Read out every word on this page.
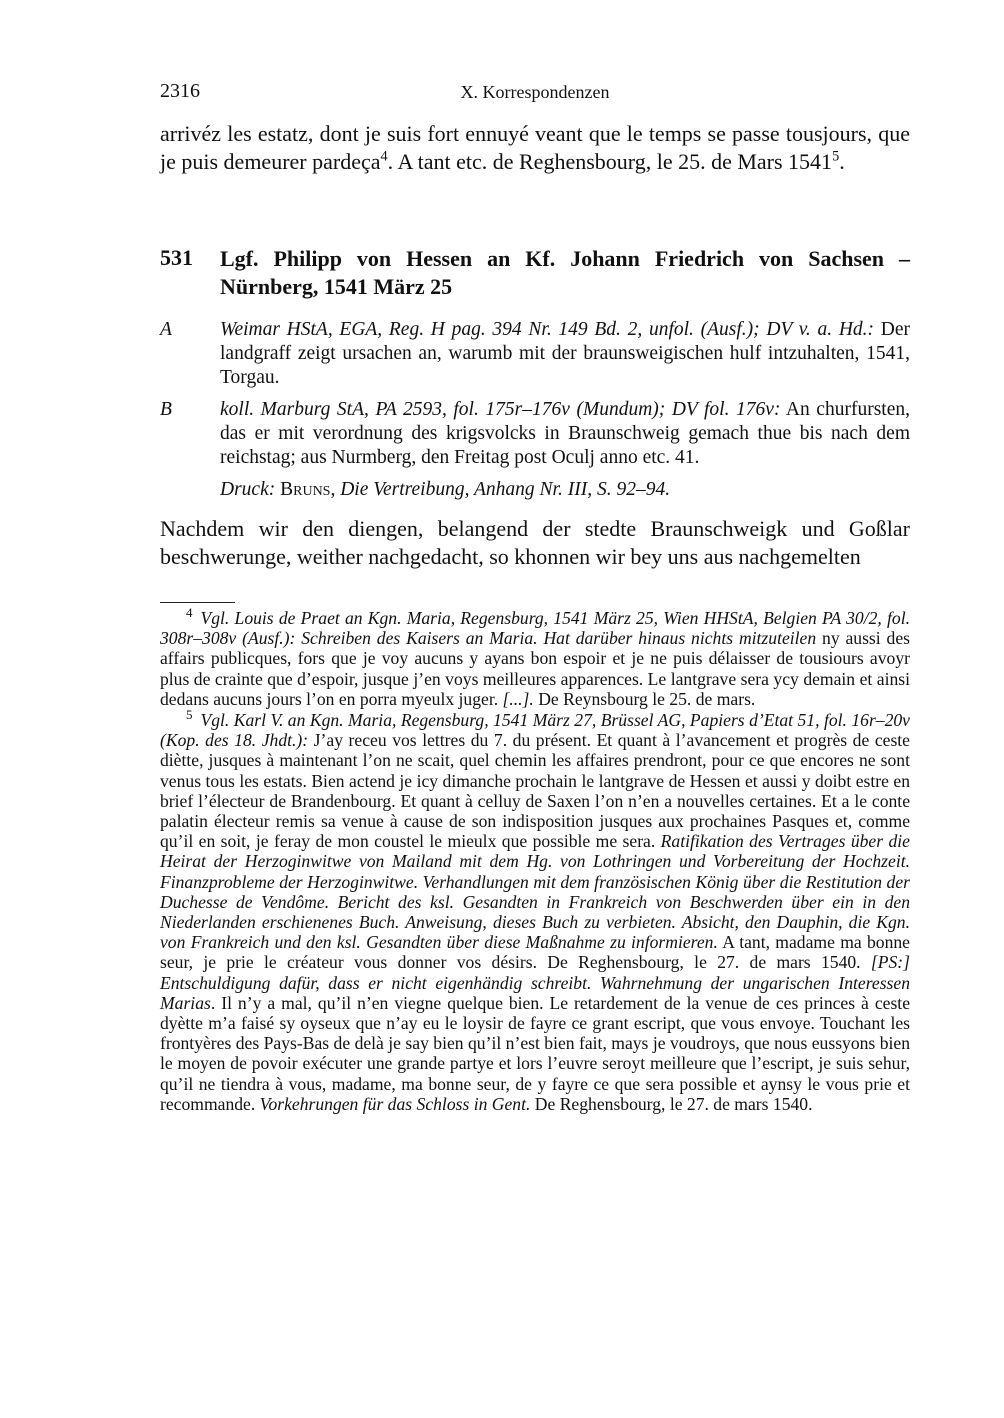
2316	X. Korrespondenzen

arrivéz les estatz, dont je suis fort ennuyé veant que le temps se passe tousjours, que je puis demeurer pardeça$^4$. A tant etc. de Reghensbourg, le 25. de Mars 1541$^5$.

531 Lgf. Philipp von Hessen an Kf. Johann Friedrich von Sachsen – Nürnberg, 1541 März 25
A Weimar HStA, EGA, Reg. H pag. 394 Nr. 149 Bd. 2, unfol. (Ausf.); DV v. a. Hd.: Der landgraff zeigt ursachen an, warumb mit der braunsweigischen hulf intzuhalten, 1541, Torgau.
B koll. Marburg StA, PA 2593, fol. 175r–176v (Mundum); DV fol. 176v: An churfursten, das er mit verordnung des krigsvolcks in Braunschweig gemach thue bis nach dem reichstag; aus Nurmberg, den Freitag post Oculj anno etc. 41.
Druck: Bruns, Die Vertreibung, Anhang Nr. III, S. 92–94.

Nachdem wir den diengen, belangend der stedte Braunschweigk und Goßlar beschwerunge, weither nachgedacht, so khonnen wir bey uns aus nachgemelten

$^4$ Vgl. Louis de Praet an Kgn. Maria, Regensburg, 1541 März 25, Wien HHStA, Belgien PA 30/2, fol. 308r–308v (Ausf.): Schreiben des Kaisers an Maria. Hat darüber hinaus nichts mitzuteilen ny aussi des affairs publicques, fors que je voy aucuns y ayans bon espoir et je ne puis délaisser de tousiours avoyr plus de crainte que d’espoir, jusque j’en voys meilleures apparences. Le lantgrave sera ycy demain et ainsi dedans aucuns jours l’on en porra myeulx juger. [...]. De Reynsbourg le 25. de mars.

$^5$ Vgl. Karl V. an Kgn. Maria, Regensburg, 1541 März 27, Brüssel AG, Papiers d’Etat 51, fol. 16r–20v (Kop. des 18. Jhdt.): J’ay receu vos lettres du 7. du présent. Et quant à l’avancement et progrès de ceste diètte, jusques à maintenant l’on ne scait, quel chemin les affaires prendront, pour ce que encores ne sont venus tous les estats. Bien actend je icy dimanche prochain le lantgrave de Hessen et aussi y doibt estre en brief l’électeur de Brandenbourg. Et quant à celluy de Saxen l’on n’en a nouvelles certaines. Et a le conte palatin électeur remis sa venue à cause de son indisposition jusques aux prochaines Pasques et, comme qu’il en soit, je feray de mon coustel le mieulx que possible me sera. Ratifikation des Vertrages über die Heirat der Herzoginwitwe von Mailand mit dem Hg. von Lothringen und Vorbereitung der Hochzeit. Finanzprobleme der Herzoginwitwe. Verhandlungen mit dem französischen König über die Restitution der Duchesse de Vendôme. Bericht des ksl. Gesandten in Frankreich von Beschwerden über ein in den Niederlanden erschienenes Buch. Anweisung, dieses Buch zu verbieten. Absicht, den Dauphin, die Kgn. von Frankreich und den ksl. Gesandten über diese Maßnahme zu informieren. A tant, madame ma bonne seur, je prie le créateur vous donner vos désirs. De Reghensbourg, le 27. de mars 1540. [PS:] Entschuldigung dafür, dass er nicht eigenhändig schreibt. Wahrnehmung der ungarischen Interessen Marias. Il n’y a mal, qu’il n’en viegne quelque bien. Le retardement de la venue de ces princes à ceste dyètte m’a faisé sy oyseux que n’ay eu le loysir de fayre ce grant escript, que vous envoye. Touchant les frontyères des Pays-Bas de delà je say bien qu’il n’est bien fait, mays je voudroys, que nous eussyons bien le moyen de povoir exécuter une grande partye et lors l’euvre seroyt meilleure que l’escript, je suis sehur, qu’il ne tiendra à vous, madame, ma bonne seur, de y fayre ce que sera possible et aynsy le vous prie et recommande. Vorkehrungen für das Schloss in Gent. De Reghensbourg, le 27. de mars 1540.
